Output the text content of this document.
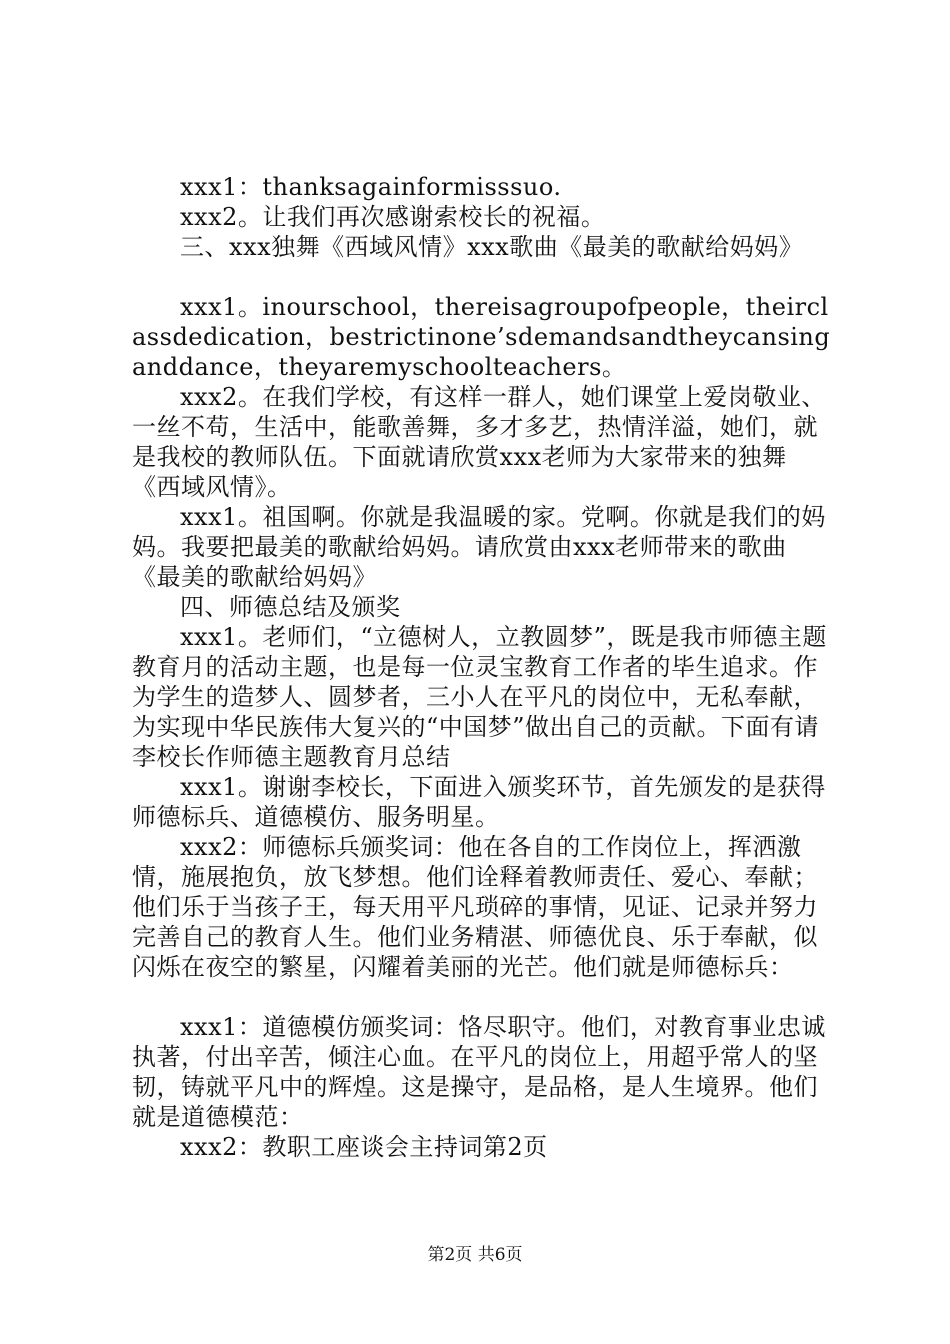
xxx1：thanksagainformisssuo.

xxx2。让我们再次感谢索校长的祝福。

三、xxx独舞《西域风情》xxx歌曲《最美的歌献给妈妈》

xxx1。inourschool，thereisagroupofpeople，theirclassdedication，bestrictinone’sdemandsandtheycansinganddance，theyaremyschoolteachers。

xxx2。在我们学校，有这样一群人，她们课堂上爱岗敬业、一丝不苟，生活中，能歌善舞，多才多艺，热情洋溢，她们，就是我校的教师队伍。下面就请欣赏xxx老师为大家带来的独舞《西域风情》。

xxx1。祖国啊。你就是我温暖的家。党啊。你就是我们的妈妈。我要把最美的歌献给妈妈。请欣赏由xxx老师带来的歌曲《最美的歌献给妈妈》

四、师德总结及颁奖

xxx1。老师们，“立德树人，立教圆梦”，既是我市师德主题教育月的活动主题，也是每一位灵宝教育工作者的毕生追求。作为学生的造梦人、圆梦者，三小人在平凡的岗位中，无私奉献，为实现中华民族伟大复兴的“中国梦”做出自己的贡献。下面有请李校长作师德主题教育月总结

xxx1。谢谢李校长，下面进入颁奖环节，首先颁发的是获得师德标兵、道德模仿、服务明星。

xxx2：师德标兵颁奖词：他在各自的工作岗位上，挥洒激情，施展抱负，放飞梦想。他们诠释着教师责任、爱心、奉献；他们乐于当孩子王，每天用平凡琐碎的事情，见证、记录并努力完善自己的教育人生。他们业务精湛、师德优良、乐于奉献，似闪烁在夜空的繁星，闪耀着美丽的光芒。他们就是师德标兵：

xxx1：道德模仿颁奖词：恪尽职守。他们，对教育事业忠诚执著，付出辛苦，倾注心血。在平凡的岗位上，用超乎常人的坚韧，铸就平凡中的辉煌。这是操守，是品格，是人生境界。他们就是道德模范：

xxx2：教职工座谈会主持词第2页

第2页 共6页
